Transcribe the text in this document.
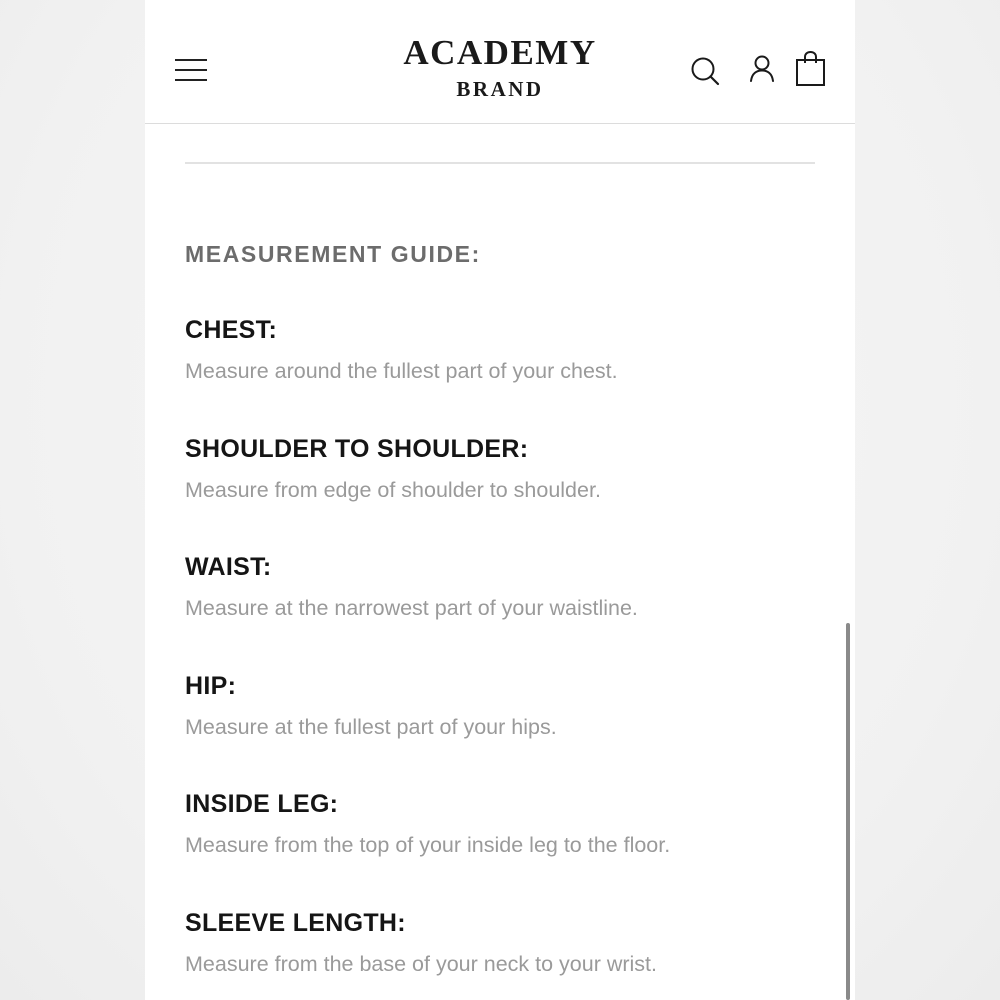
ACADEMY
BRAND
MEASUREMENT GUIDE:
CHEST:
Measure around the fullest part of your chest.
SHOULDER TO SHOULDER:
Measure from edge of shoulder to shoulder.
WAIST:
Measure at the narrowest part of your waistline.
HIP:
Measure at the fullest part of your hips.
INSIDE LEG:
Measure from the top of your inside leg to the floor.
SLEEVE LENGTH:
Measure from the base of your neck to your wrist.
